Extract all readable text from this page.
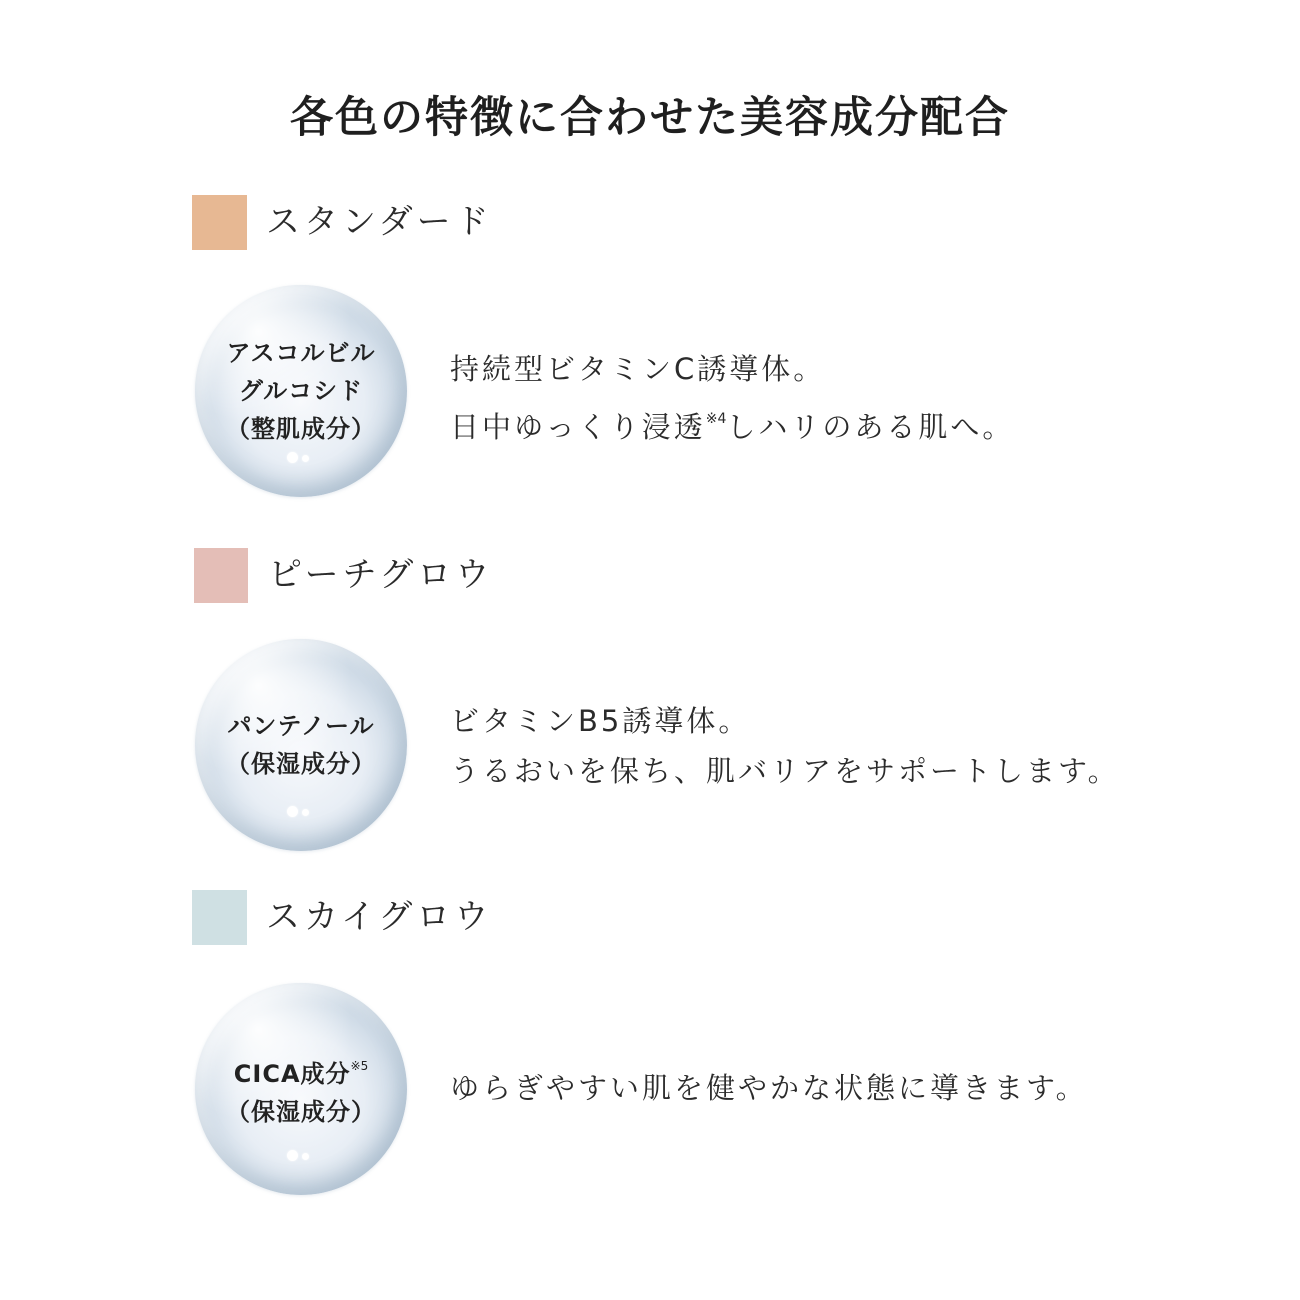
各色の特徴に合わせた美容成分配合
スタンダード
アスコルビル
グルコシド
（整肌成分）
持続型ビタミンC誘導体。
日中ゆっくり浸透$^{※4}$しハリのある肌へ。
ピーチグロウ
パンテノール
（保湿成分）
ビタミンB5誘導体。
うるおいを保ち、肌バリアをサポートします。
スカイグロウ
CICA成分$^{※5}$
（保湿成分）
ゆらぎやすい肌を健やかな状態に導きます。
